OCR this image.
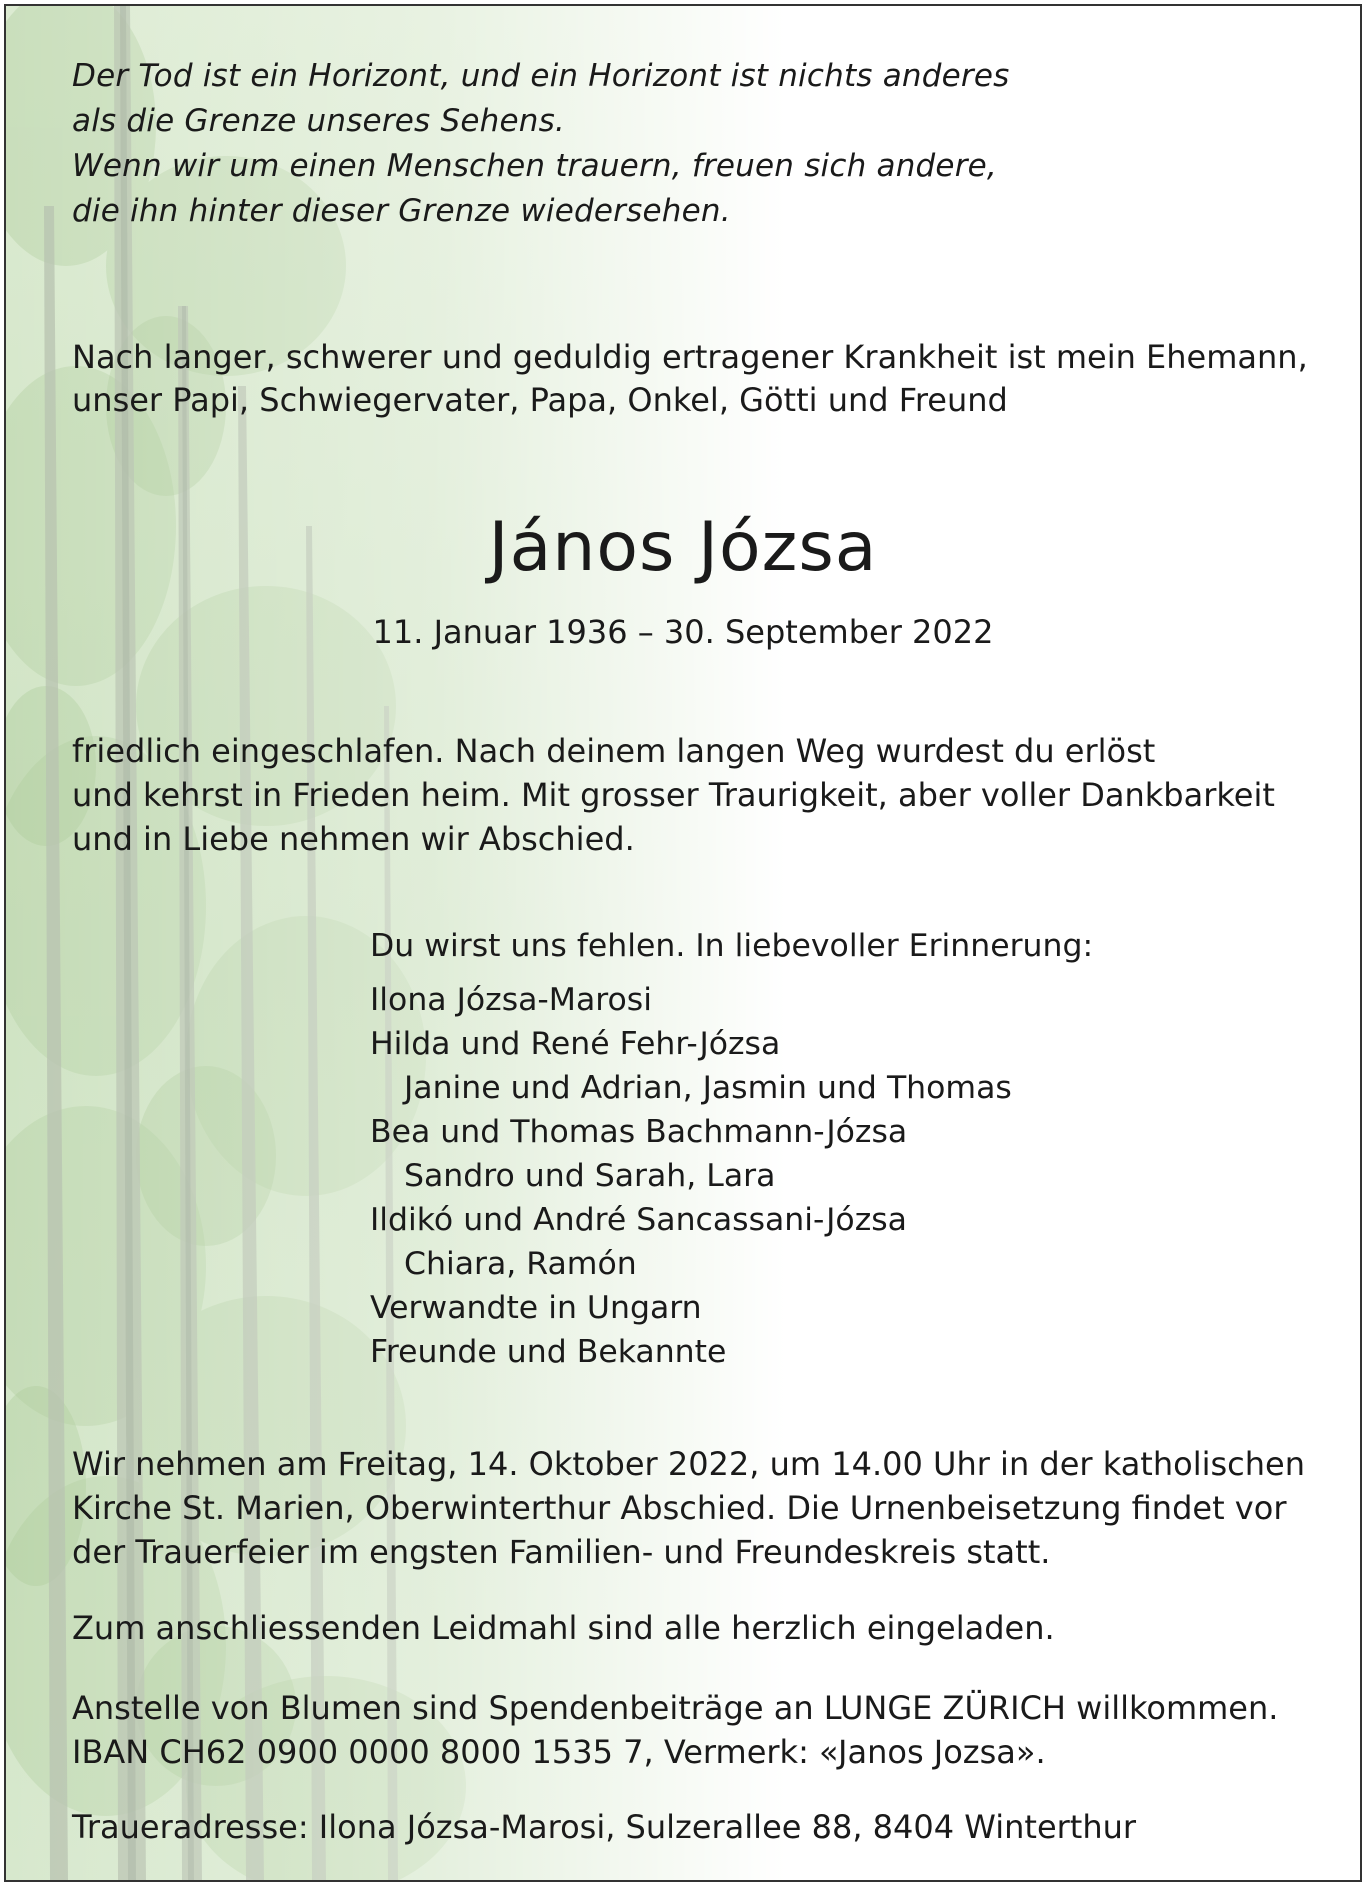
Der Tod ist ein Horizont, und ein Horizont ist nichts anderes
als die Grenze unseres Sehens.
Wenn wir um einen Menschen trauern, freuen sich andere,
die ihn hinter dieser Grenze wiedersehen.
Nach langer, schwerer und geduldig ertragener Krankheit ist mein Ehemann,
unser Papi, Schwiegervater, Papa, Onkel, Götti und Freund
János Józsa
11. Januar 1936 – 30. September 2022
friedlich eingeschlafen. Nach deinem langen Weg wurdest du erlöst
und kehrst in Frieden heim. Mit grosser Traurigkeit, aber voller Dankbarkeit
und in Liebe nehmen wir Abschied.
Du wirst uns fehlen. In liebevoller Erinnerung:
Ilona Józsa-Marosi
Hilda und René Fehr-Józsa
Janine und Adrian, Jasmin und Thomas
Bea und Thomas Bachmann-Józsa
Sandro und Sarah, Lara
Ildikó und André Sancassani-Józsa
Chiara, Ramón
Verwandte in Ungarn
Freunde und Bekannte
Wir nehmen am Freitag, 14. Oktober 2022, um 14.00 Uhr in der katholischen
Kirche St. Marien, Oberwinterthur Abschied. Die Urnenbeisetzung findet vor
der Trauerfeier im engsten Familien- und Freundeskreis statt.
Zum anschliessenden Leidmahl sind alle herzlich eingeladen.
Anstelle von Blumen sind Spendenbeiträge an LUNGE ZÜRICH willkommen.
IBAN CH62 0900 0000 8000 1535 7, Vermerk: «Janos Jozsa».
Traueradresse: Ilona Józsa-Marosi, Sulzerallee 88, 8404 Winterthur
